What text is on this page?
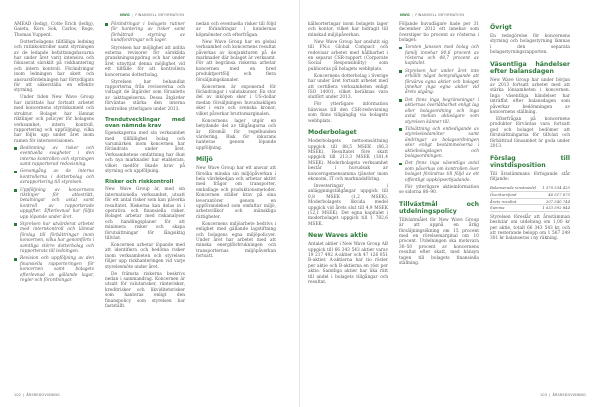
NWG | FINANSIELL INFORMATION

AMEAD (ledig), Cotte Erich (ledig), Gaieta, Kors Sok, Carlos, Roge, Thomas Vuppent.

Dotterbolagens tillfälliga ledning och rutinkontroller samt styrningen av de ledande befattningshavarna har under året varit intensiva och fokuserat särskilt på riskhantering och intern kontroll. Förändringar inom ledningen har skett och ansvarsfördelningen har förtydligats för att säkerställa en effektiv styrning.

Under tiden New Wave Group har inrättats har fortsatt arbetet med koncernens styrdokument och struktur. Bolaget har lämnat riktlinjer och policyer för bolagens verksamhet, intern kontroll, rapportering och uppföljning, vilka har följts upp under året inom ramen för internrevisionen.

Bedömning av risker och eventuella svagheter i den interna kontrollen och styrningen samt rapporterad redovisning.
Genomgång av de interna kontrollerna i dotterbolag och avrapportering till styrelsen.
Uppföljning av koncernens riktlinjer för attesträtt, betalningar och avtal samt kontroll av rapporterade uppgifter. Efterlevnad har följts upp löpande under året.
Styrelsen har utvärderat arbetet med internkontroll och lämnat förslag till förbättringar inom koncernen, vilka har genomförts i samtliga större dotterbolag och rapporterats till ledningen.
Revision och uppföljning av den finansiella rapporteringen för koncernen samt bolagets efterlevnad av gällande lagar, regler och förordningar.
Förändringar i bolagets rutiner för hantering av risker samt förbättrad styrning av kundfordringar och lager.

Styrelsen har möjlighet att anlita externa revisorer för särskilda granskningsuppdrag och har under året utnyttjat denna möjlighet vid ett tillfälle för att kontrollera koncernens dotterbolag.

Styrelsen har behandlat rapporterna från revisorerna och vidtagit de åtgärder som föranletts av iakttagelserna. Dessa åtgärder förväntas stärka den interna kontrollen ytterligare under 2013.

Trendutvecklingar med ovan nämnda krav

Egenskaperna med sin verksamhet med tillfällighet bolag och varumärken inom koncernen har förändrats under året. Verksamhetens omfattning har ökat och nya marknader har etablerats, vilket medför ökade krav på styrning och uppföljning.

Risker och riskkontroll

New Wave Group är, med sin internationella verksamhet, utsatt för ett antal risker som kan påverka resultatet. Riskerna kan delas in i operativa och finansiella risker. Bolaget arbetar med riskanalyser och handlingsplaner för att minimera risker och skapa förutsättningar för långsiktig tillväxt.

Koncernen arbetar löpande med att identifiera och bedöma risker inom verksamheten och styrelsen följer upp riskhanteringen vid varje styrelsemöte under året.

De främsta riskerna beskrivs nedan i sammandrag. Koncernen är utsatt för valutarisker, ränterisker, kreditrisker och likviditetsrisker som hanteras enligt den finanspolicy som styrelsen har fastställt.

nedan och eventuella risker till följd av förändringar i kundernas köpmönster och efterfrågan.

New Wave Group har en global verksamhet och koncernens resultat påverkas av konjunkturen på de marknader där bolaget är verksamt. För att begränsa riskerna arbetar koncernen med en bred produktportfölj och flera försäljningskanaler.

Koncernen är exponerad för förändringar i valutakurser. En stor del av inköpen sker i US-dollar medan försäljningen huvudsakligen sker i euro och svenska kronor, vilket påverkar bruttomarginalen.

Koncernens lager utgör en betydande del av tillgångarna och är föremål för regelbunden värdering. Risk för inkurans hanteras genom löpande uppföljning.

Miljö

New Wave Group har ett ansvar att försöka minska sin miljöpåverkan i hela värdekedjan och arbetar aktivt med frågor om transporter, emballage och produktionsmetoder. Koncernen ställer krav på sina leverantörer genom en uppförandekod som omfattar miljö, arbetsvillkor och mänskliga rättigheter.

Koncernens miljöarbete bedrivs i enlighet med gällande lagstiftning och bolagens egna miljöpolicyer. Under året har arbetet med att minska energiförbrukningen och transporternas miljöpåverkan fortsatt.

102 | ÅRSREDOVISNING
NWG | FINANSIELL INFORMATION

källsorteringar inom bolagets lager och kontor, vilket har bidragit till minskad miljöpåverkan.

New Wave Group har anslutit sig till FN:s Global Compact och redovisar arbetet med hållbarhet i en separat CSR-rapport (Corporate Social Responsibility) som publiceras på bolagets webbplats.

Koncernens dotterbolag i Sverige har under året fortsatt arbetet med att certifiera verksamheten enligt ISO 14001, vilket beräknas vara slutfört under 2013.

För ytterligare information hänvisas till den CSR-redovisning som finns tillgänglig via bolagets webbplats.

Moderbolaget

Moderbolagets nettoomsättning uppgick till 88,5 MSEK (86,3 MSEK). Resultatet före skatt uppgick till 213,3 MSEK (181,4 MSEK). Moderbolagets verksamhet består i huvudsak av koncerngemensamma tjänster inom ekonomi, IT och marknadsföring.

Investeringar i anläggningstillgångar uppgick till 0,8 MSEK (1,2 MSEK). Moderbolagets likvida medel uppgick vid årets slut till 4,9 MSEK (12,1 MSEK). Det egna kapitalet i moderbolaget uppgick till 1 782,6 MSEK.

New Waves aktie

Antalet aktier i New Wave Group AB uppgick till 66 343 543 aktier varav 19 217 492 A-aktier och 47 126 051 B-aktier. A-aktierna har tio röster per aktie och B-aktierna en röst per aktie. Samtliga aktier har lika rätt till andel i bolagets tillgångar och resultat.

Följande huvudägare hade per 31 december 2012 ett innehav som överstiger tio procent av rösterna i bolaget:

Torsten Jansson med bolag och familj innehar 80,6 procent av rösterna och 48,7 procent av kapitalet.
Styrelsen har under året inte erhållit något bemyndigande att förvärva egna aktier och bolaget innehar inga egna aktier vid årets utgång.
Det finns inga begränsningar i aktiernas överlåtbarhet enligt lag eller bolagsordning och inga avtal mellan aktieägare som styrelsen känner till.
Tillsättning och entledigande av styrelseledamöter samt ändringar av bolagsordningen sker enligt bestämmelserna i aktiebolagslagen och bolagsordningen.
Det finns inga väsentliga avtal som påverkas om kontrollen över bolaget förändras till följd av ett offentligt uppköpserbjudande.

För ytterligare aktieinformation se sidorna 86–90.

Tillväxtmål och utdelningspolicy

Tillväxtmålet för New Wave Group är att uppnå en årlig försäljningsökning om 15 procent med en rörelsemarginal om 10 procent. Utdelningen ska motsvara 30–50 procent av koncernens resultat efter skatt, med hänsyn tagen till bolagets finansiella ställning.

Övrigt

En redogörelse för koncernens styrning och bolagsstyrning lämnas i den separata bolagsstyrningsrapporten.

Väsentliga händelser efter balansdagen

New Wave Group har under början av 2013 fortsatt arbetet med att stärka lönsamheten i koncernen. Inga väsentliga händelser har inträffat efter balansdagen som påverkar bedömningen av koncernens ställning.

Efterfrågan på koncernens produkter förväntas vara fortsatt god och bolaget bedömer att förutsättningarna för tillväxt och förbättrad lönsamhet är goda under 2013.

Förslag till vinstdisposition

Till årsstämmans förfogande står följande:

Balanserade vinstmedel	1 379 534 425
Överkursfond	46 517 675
Årets resultat	207 540 744
Summa	1 633 592 844

Styrelsen föreslår att årsstämman beslutar om utdelning om 1,00 kr per aktie, totalt 66 343 543 kr, och att resterande belopp om 1 567 249 301 kr balanseras i ny räkning.

103 | ÅRSREDOVISNING
